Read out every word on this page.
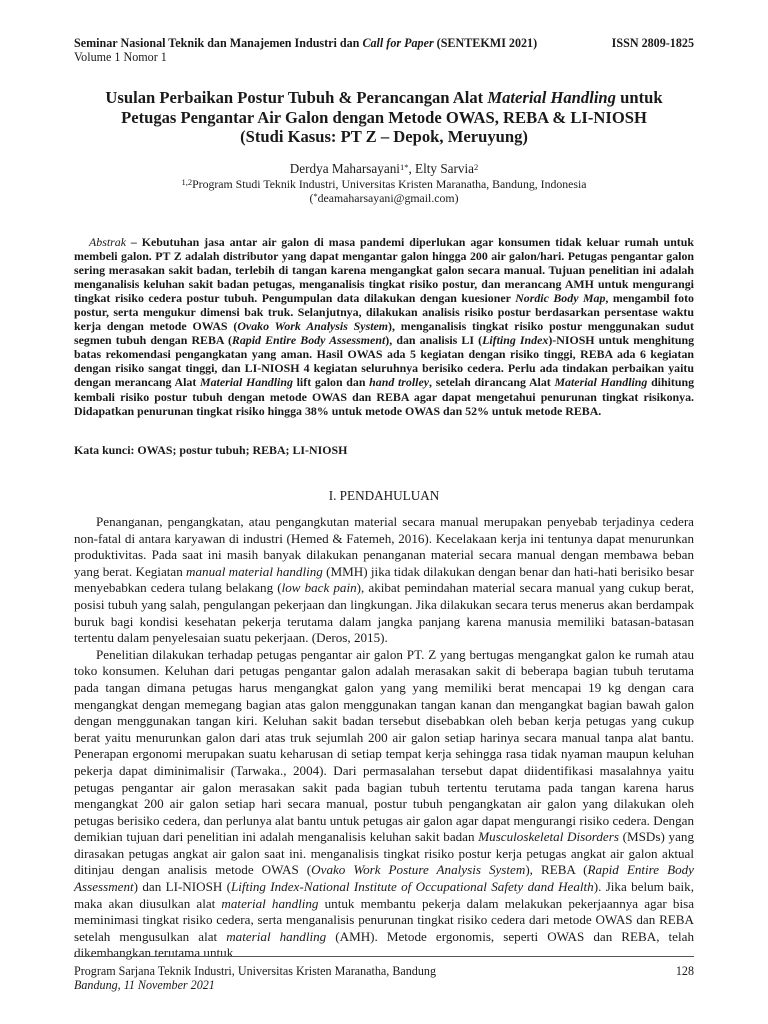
Seminar Nasional Teknik dan Manajemen Industri dan Call for Paper (SENTEKMI 2021)	ISSN 2809-1825
Volume 1 Nomor 1
Usulan Perbaikan Postur Tubuh & Perancangan Alat Material Handling untuk
Petugas Pengantar Air Galon dengan Metode OWAS, REBA & LI-NIOSH
(Studi Kasus: PT Z – Depok, Meruyung)
Derdya Maharsayani$^{1*}$, Elty Sarvia$^2$
$^{1,2}$Program Studi Teknik Industri, Universitas Kristen Maranatha, Bandung, Indonesia
(*deamaharsayani@gmail.com)
Abstrak – Kebutuhan jasa antar air galon di masa pandemi diperlukan agar konsumen tidak keluar rumah untuk membeli galon. PT Z adalah distributor yang dapat mengantar galon hingga 200 air galon/hari. Petugas pengantar galon sering merasakan sakit badan, terlebih di tangan karena mengangkat galon secara manual. Tujuan penelitian ini adalah menganalisis keluhan sakit badan petugas, menganalisis tingkat risiko postur, dan merancang AMH untuk mengurangi tingkat risiko cedera postur tubuh. Pengumpulan data dilakukan dengan kuesioner Nordic Body Map, mengambil foto postur, serta mengukur dimensi bak truk. Selanjutnya, dilakukan analisis risiko postur berdasarkan persentase waktu kerja dengan metode OWAS (Ovako Work Analysis System), menganalisis tingkat risiko postur menggunakan sudut segmen tubuh dengan REBA (Rapid Entire Body Assessment), dan analisis LI (Lifting Index)-NIOSH untuk menghitung batas rekomendasi pengangkatan yang aman. Hasil OWAS ada 5 kegiatan dengan risiko tinggi, REBA ada 6 kegiatan dengan risiko sangat tinggi, dan LI-NIOSH 4 kegiatan seluruhnya berisiko cedera. Perlu ada tindakan perbaikan yaitu dengan merancang Alat Material Handling lift galon dan hand trolley, setelah dirancang Alat Material Handling dihitung kembali risiko postur tubuh dengan metode OWAS dan REBA agar dapat mengetahui penurunan tingkat risikonya. Didapatkan penurunan tingkat risiko hingga 38% untuk metode OWAS dan 52% untuk metode REBA.
Kata kunci: OWAS; postur tubuh; REBA; LI-NIOSH
I. PENDAHULUAN

Penanganan, pengangkatan, atau pengangkutan material secara manual merupakan penyebab terjadinya cedera non-fatal di antara karyawan di industri (Hemed & Fatemeh, 2016). Kecelakaan kerja ini tentunya dapat menurunkan produktivitas. Pada saat ini masih banyak dilakukan penanganan material secara manual dengan membawa beban yang berat. Kegiatan manual material handling (MMH) jika tidak dilakukan dengan benar dan hati-hati berisiko besar menyebabkan cedera tulang belakang (low back pain), akibat pemindahan material secara manual yang cukup berat, posisi tubuh yang salah, pengulangan pekerjaan dan lingkungan. Jika dilakukan secara terus menerus akan berdampak buruk bagi kondisi kesehatan pekerja terutama dalam jangka panjang karena manusia memiliki batasan-batasan tertentu dalam penyelesaian suatu pekerjaan. (Deros, 2015).

Penelitian dilakukan terhadap petugas pengantar air galon PT. Z yang bertugas mengangkat galon ke rumah atau toko konsumen. Keluhan dari petugas pengantar galon adalah merasakan sakit di beberapa bagian tubuh terutama pada tangan dimana petugas harus mengangkat galon yang yang memiliki berat mencapai 19 kg dengan cara mengangkat dengan memegang bagian atas galon menggunakan tangan kanan dan mengangkat bagian bawah galon dengan menggunakan tangan kiri. Keluhan sakit badan tersebut disebabkan oleh beban kerja petugas yang cukup berat yaitu menurunkan galon dari atas truk sejumlah 200 air galon setiap harinya secara manual tanpa alat bantu. Penerapan ergonomi merupakan suatu keharusan di setiap tempat kerja sehingga rasa tidak nyaman maupun keluhan pekerja dapat diminimalisir (Tarwaka., 2004). Dari permasalahan tersebut dapat diidentifikasi masalahnya yaitu petugas pengantar air galon merasakan sakit pada bagian tubuh tertentu terutama pada tangan karena harus mengangkat 200 air galon setiap hari secara manual, postur tubuh pengangkatan air galon yang dilakukan oleh petugas berisiko cedera, dan perlunya alat bantu untuk petugas air galon agar dapat mengurangi risiko cedera. Dengan demikian tujuan dari penelitian ini adalah menganalisis keluhan sakit badan Musculoskeletal Disorders (MSDs) yang dirasakan petugas angkat air galon saat ini. menganalisis tingkat risiko postur kerja petugas angkat air galon aktual ditinjau dengan analisis metode OWAS (Ovako Work Posture Analysis System), REBA (Rapid Entire Body Assessment) dan LI-NIOSH (Lifting Index-National Institute of Occupational Safety dand Health). Jika belum baik, maka akan diusulkan alat material handling untuk membantu pekerja dalam melakukan pekerjaannya agar bisa meminimasi tingkat risiko cedera, serta menganalisis penurunan tingkat risiko cedera dari metode OWAS dan REBA setelah mengusulkan alat material handling (AMH). Metode ergonomis, seperti OWAS dan REBA, telah dikembangkan terutama untuk

Program Sarjana Teknik Industri, Universitas Kristen Maranatha, Bandung	128
Bandung, 11 November 2021
